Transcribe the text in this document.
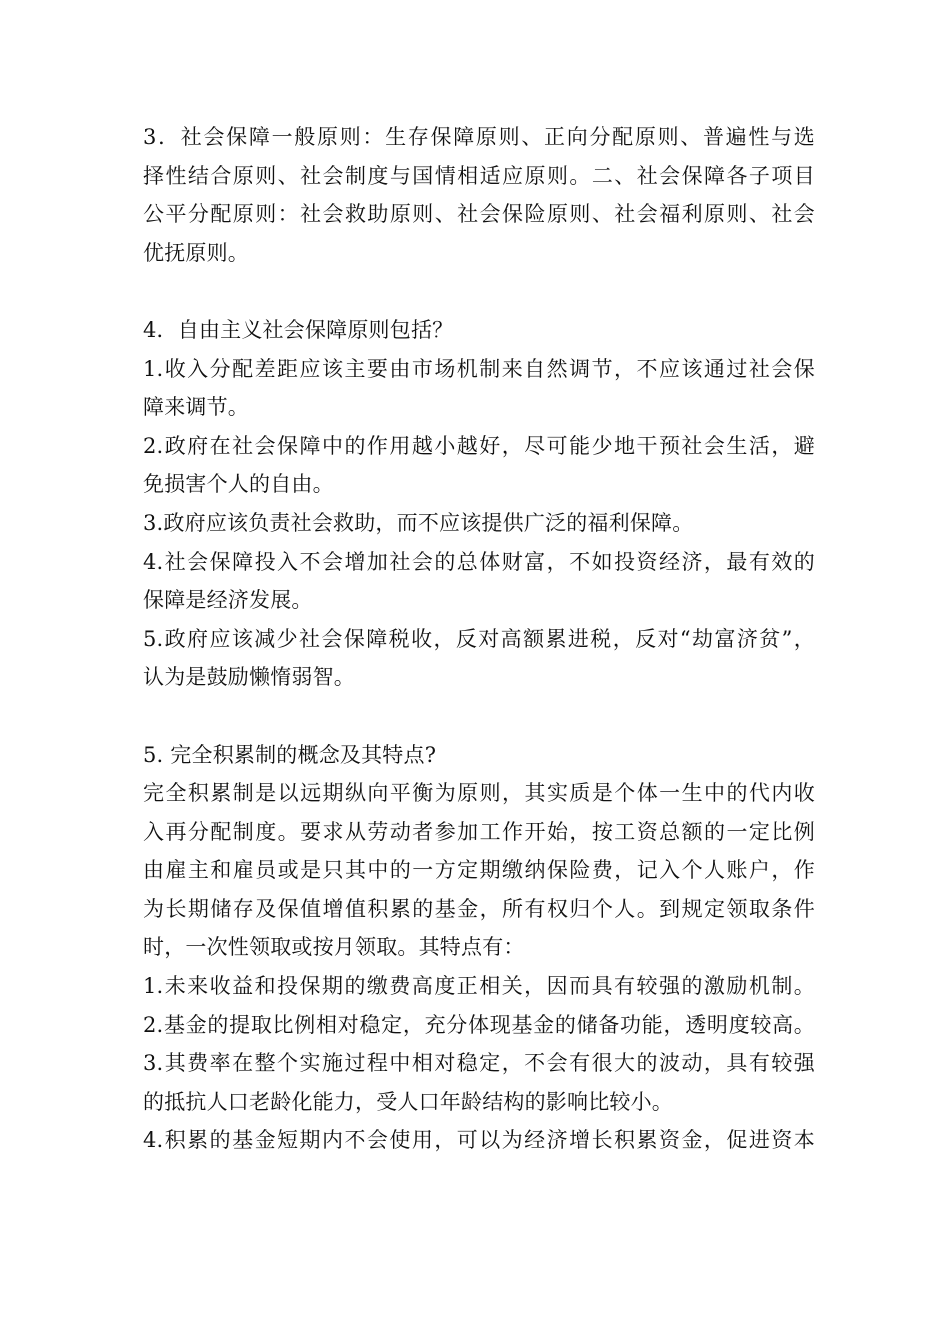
3．社会保障一般原则：生存保障原则、正向分配原则、普遍性与选
择性结合原则、社会制度与国情相适应原则。二、社会保障各子项目
公平分配原则：社会救助原则、社会保险原则、社会福利原则、社会
优抚原则。
4．自由主义社会保障原则包括？
1.收入分配差距应该主要由市场机制来自然调节，不应该通过社会保
障来调节。
2.政府在社会保障中的作用越小越好，尽可能少地干预社会生活，避
免损害个人的自由。
3.政府应该负责社会救助，而不应该提供广泛的福利保障。
4.社会保障投入不会增加社会的总体财富，不如投资经济，最有效的
保障是经济发展。
5.政府应该减少社会保障税收，反对高额累进税，反对“劫富济贫”，
认为是鼓励懒惰弱智。
5. 完全积累制的概念及其特点?
完全积累制是以远期纵向平衡为原则，其实质是个体一生中的代内收
入再分配制度。要求从劳动者参加工作开始，按工资总额的一定比例
由雇主和雇员或是只其中的一方定期缴纳保险费，记入个人账户，作
为长期储存及保值增值积累的基金，所有权归个人。到规定领取条件
时，一次性领取或按月领取。其特点有：
1.未来收益和投保期的缴费高度正相关，因而具有较强的激励机制。
2.基金的提取比例相对稳定，充分体现基金的储备功能，透明度较高。
3.其费率在整个实施过程中相对稳定，不会有很大的波动，具有较强
的抵抗人口老龄化能力，受人口年龄结构的影响比较小。
4.积累的基金短期内不会使用，可以为经济增长积累资金，促进资本
